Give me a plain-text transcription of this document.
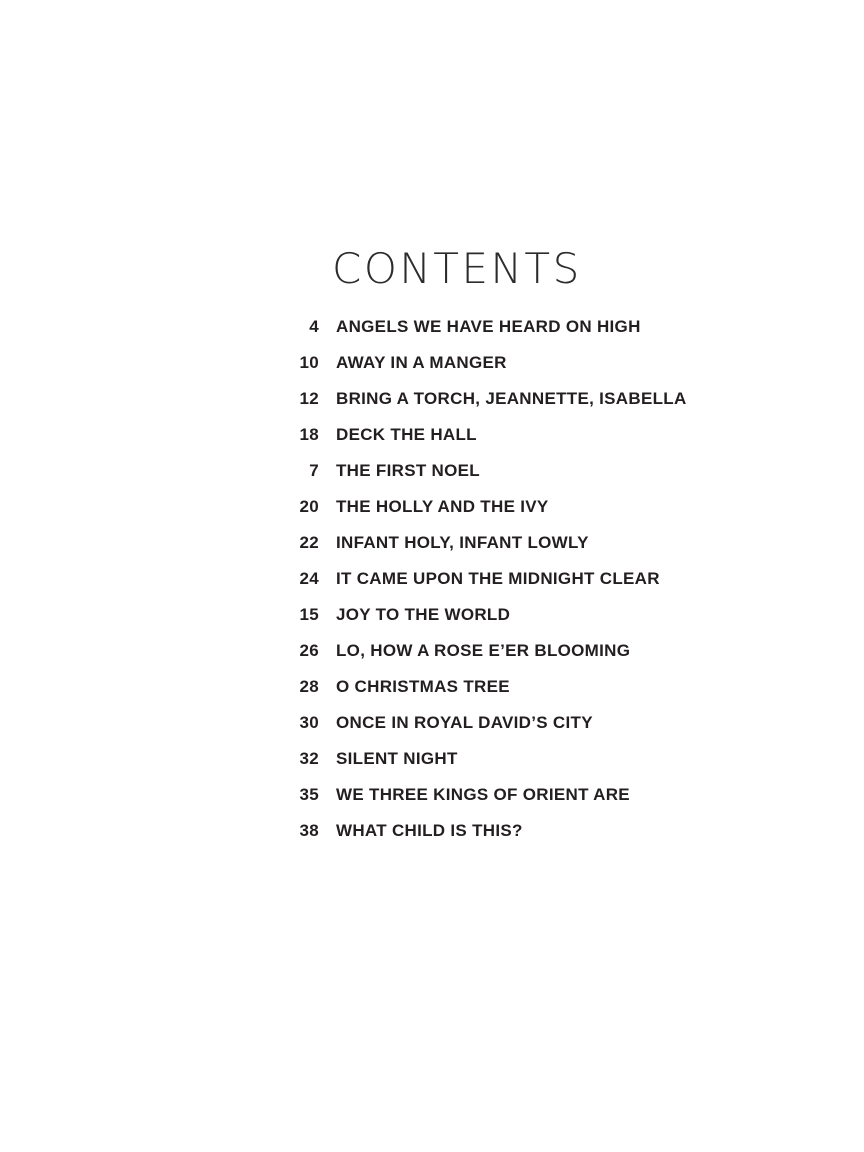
CONTENTS
4 ANGELS WE HAVE HEARD ON HIGH
10 AWAY IN A MANGER
12 BRING A TORCH, JEANNETTE, ISABELLA
18 DECK THE HALL
7 THE FIRST NOEL
20 THE HOLLY AND THE IVY
22 INFANT HOLY, INFANT LOWLY
24 IT CAME UPON THE MIDNIGHT CLEAR
15 JOY TO THE WORLD
26 LO, HOW A ROSE E’ER BLOOMING
28 O CHRISTMAS TREE
30 ONCE IN ROYAL DAVID’S CITY
32 SILENT NIGHT
35 WE THREE KINGS OF ORIENT ARE
38 WHAT CHILD IS THIS?
